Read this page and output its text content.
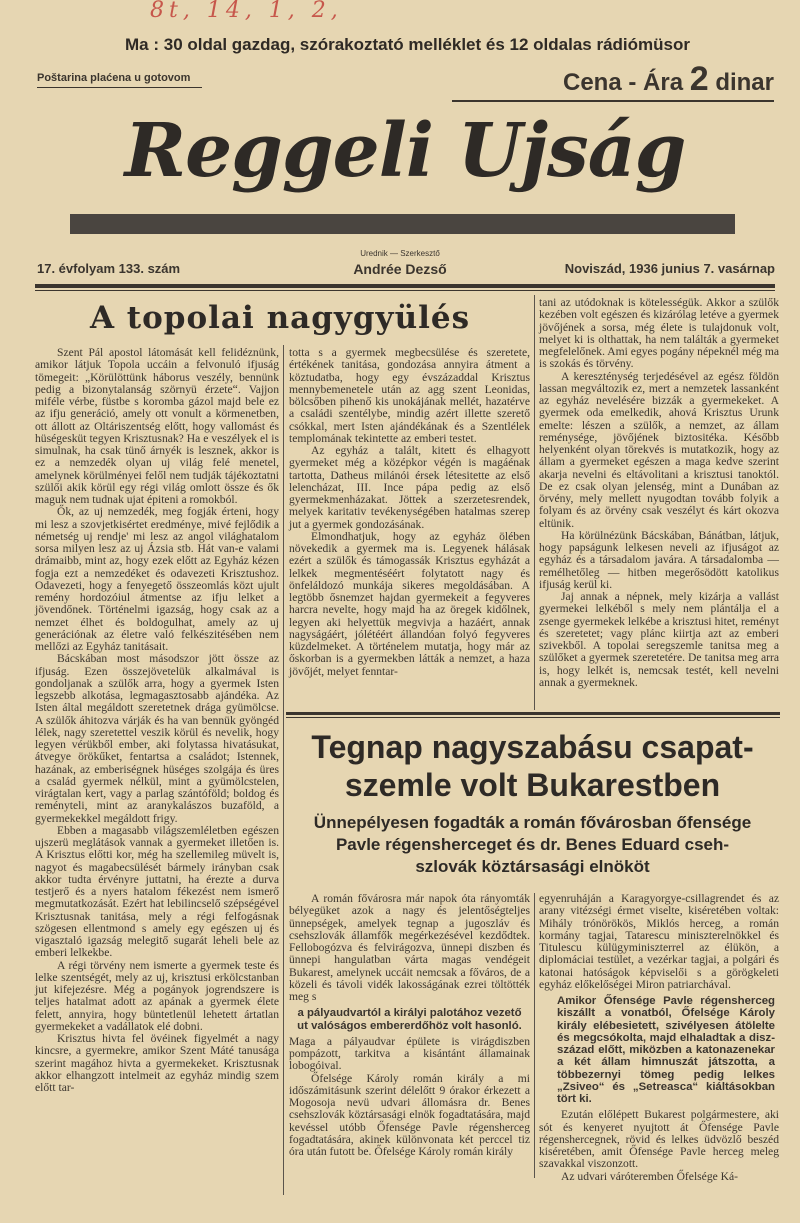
8t, 14, 1, 2,
Ma : 30 oldal gazdag, szórakoztató melléklet és 12 oldalas rádiómüsor
Poštarina plaćena u gotovom	Cena - Ára 2 dinar
Reggeli Ujság
17. évfolyam 133. szám
Urednik — Szerkesztő
Andrée Dezső	Noviszád, 1936 junius 7. vasárnap
A topolai nagygyülés

Szent Pál apostol látomását kell felidéznünk, amikor látjuk Topola uccáin a felvonuló ifjuság tömegeit: „Körülöttünk háborus veszély, bennünk pedig a bizonytalanság szörnyü érzete“. Vajjon miféle vérbe, füstbe s koromba gázol majd bele ez az ifju generáció, amely ott vonult a körmenetben, ott állott az Oltáriszentség előtt, hogy vallomást és hüségesküt tegyen Krisztusnak? Ha e veszélyek el is simulnak, ha csak tünő árnyék is lesznek, akkor is ez a nemzedék olyan uj világ felé menetel, amelynek körülményei felől nem tudják tájékoztatni szülői akik körül egy régi világ omlott össze és ők maguk nem tudnak ujat épiteni a romokból.

Ők, az uj nemzedék, meg fogják érteni, hogy mi lesz a szovjetkisértet eredménye, mivé fejlődik a németség uj rendje' mi lesz az angol világhatalom sorsa milyen lesz az uj Ázsia stb. Hát van-e valami drámaibb, mint az, hogy ezek előtt az Egyház kézen fogja ezt a nemzedéket és odavezeti Krisztushoz. Odavezeti, hogy a fenyegető összeomlás közt ujult remény hordozóiul átmentse az ifju lelket a jövendőnek. Történelmi igazság, hogy csak az a nemzet élhet és boldogulhat, amely az uj generációnak az életre való felkészitésében nem mellőzi az Egyház tanitásait.

Bácskában most másodszor jött össze az ifjuság. Ezen összejövetelük alkalmával is gondoljanak a szülők arra, hogy a gyermek Isten legszebb alkotása, legmagasztosabb ajándéka. Az Isten által megáldott szeretetnek drága gyümölcse. A szülők áhitozva várják és ha van bennük gyöngéd lélek, nagy szeretettel veszik körül és nevelik, hogy legyen vérükből ember, aki folytassa hivatásukat, átvegye örökűket, fentartsa a családot; Istennek, hazának, az emberiségnek hüséges szolgája és üres a család gyermek nélkül, mint a gyümölcstelen, virágtalan kert, vagy a parlag szántóföld; boldog és reményteli, mint az aranykalászos buzaföld, a gyermekekkel megáldott frigy.

Ebben a magasabb világszemléletben egészen ujszerü meglátások vannak a gyermeket illetően is. A Krisztus előtti kor, még ha szellemileg müvelt is, nagyot és magabecsülését bármely irányban csak akkor tudta érvényre juttatni, ha érezte a durva testjerő és a nyers hatalom fékezést nem ismerő megmutatkozását. Ezért hat lebilincselő szépségével Krisztusnak tanitása, mely a régi felfogásnak szögesen ellentmond s amely egy egészen uj és vigasztaló igazság melegitő sugarát leheli bele az emberi lelkekbe.

A régi törvény nem ismerte a gyermek teste és lelke szentségét, mely az uj, krisztusi erkölcstanban jut kifejezésre. Még a pogányok jogrendszere is teljes hatalmat adott az apának a gyermek élete felett, annyira, hogy büntetlenül lehetett ártatlan gyermekeket a vadállatok elé dobni.

Krisztus hivta fel övéinek figyelmét a nagy kincsre, a gyermekre, amikor Szent Máté tanusága szerint magához hivta a gyermekeket. Krisztusnak akkor elhangzott intelmeit az egyház mindig szem előtt tar-

totta s a gyermek megbecsülése és szeretete, értékének tanitása, gondozása annyira átment a köztudatba, hogy egy évszázaddal Krisztus mennybemenetele után az agg szent Leonidas, bölcsőben pihenő kis unokájának mellét, hazatérve a családi szentélybe, mindig azért illette szerető csókkal, mert Isten ajándékának és a Szentlélek templomának tekintette az emberi testet.

Az egyház a talált, kitett és elhagyott gyermeket még a középkor végén is magáénak tartotta, Datheus milánói érsek létesitette az első lelencházat, III. Ince pápa pedig az első gyermekmenházakat. Jöttek a szerzetesrendek, melyek karitativ tevékenységében hatalmas szerep jut a gyermek gondozásának.

Elmondhatjuk, hogy az egyház ölében növekedik a gyermek ma is. Legyenek hálásak ezért a szülők és támogassák Krisztus egyházát a lelkek megmentéséért folytatott nagy és önfeláldozó munkája sikeres megoldásában. A legtöbb ősnemzet hajdan gyermekeit a fegyveres harcra nevelte, hogy majd ha az öregek kidőlnek, legyen aki helyettük megvivja a hazáért, annak nagyságáért, jólétéért állandóan folyó fegyveres küzdelmeket. A történelem mutatja, hogy már az őskorban is a gyermekben látták a nemzet, a haza jövőjét, melyet fenntar-

tani az utódoknak is kötelességük. Akkor a szülők kezében volt egészen és kizárólag letéve a gyermek jövőjének a sorsa, még élete is tulajdonuk volt, melyet ki is olthattak, ha nem találták a gyermeket megfelelőnek. Ami egyes pogány népeknél még ma is szokás és törvény.

A kereszténység terjedésével az egész földön lassan megváltozik ez, mert a nemzetek lassanként az egyház nevelésére bizzák a gyermekeket. A gyermek oda emelkedik, ahová Krisztus Urunk emelte: lészen a szülők, a nemzet, az állam reménysége, jövőjének biztositéka. Később helyenként olyan törekvés is mutatkozik, hogy az állam a gyermeket egészen a maga kedve szerint akarja nevelni és eltávolitani a krisztusi tanoktól. De ez csak olyan jelenség, mint a Dunában az örvény, mely mellett nyugodtan tovább folyik a folyam és az örvény csak veszélyt és kárt okozva eltünik.

Ha körülnézünk Bácskában, Bánátban, látjuk, hogy papságunk lelkesen neveli az ifjuságot az egyház és a társadalom javára. A társadalomba — remélhetőleg — hitben megerősödött katolikus ifjuság kerül ki.

Jaj annak a népnek, mely kizárja a vallást gyermekei lelkéből s mely nem plántálja el a zsenge gyermekek lelkébe a krisztusi hitet, reményt és szeretetet; vagy plánc kiirtja azt az emberi szivekből. A topolai seregszemle tanitsa meg a szülőket a gyermek szeretetére. De tanitsa meg arra is, hogy lelkét is, nemcsak testét, kell nevelni annak a gyermeknek.

Tegnap nagyszabásu csapat-
szemle volt Bukarestben
Ünnepélyesen fogadták a román fővárosban őfensége
Pavle régensherceget és dr. Benes Eduard cseh-
szlovák köztársasági elnököt

A román fővárosra már napok óta rányomták bélyegüket azok a nagy és jelentőségteljes ünnepségek, amelyek tegnap a jugoszláv és csehszlovák államfők megérkezésével kezdődtek. Fellobogózva és felvirágozva, ünnepi diszben és ünnepi hangulatban várta magas vendégeit Bukarest, amelynek uccáit nemcsak a főváros, de a közeli és távoli vidék lakosságának ezrei töltötték meg s

a pályaudvartól a királyi palotához vezető ut valóságos embererdőhöz volt hasonló.

Maga a pályaudvar épülete is virágdiszben pompázott, tarkitva a kisántánt államainak lobogóival.

Őfelsége Károly román király a mi időszámitásunk szerint délelőtt 9 órakor érkezett a Mogosoja nevü udvari állomásra dr. Benes csehszlovák köztársasági elnök fogadtatására, majd kevéssel utóbb Őfensége Pavle régensherceg fogadtatására, akinek különvonata két perccel tiz óra után futott be. Őfelsége Károly román király

egyenruháján a Karagyorgye-csillagrendet és az arany vitézségi érmet viselte, kiséretében voltak: Mihály trónörökös, Miklós herceg, a román kormány tagjai, Tatarescu miniszterelnökkel és Titulescu külügyminiszterrel az élükön, a diplomáciai testület, a vezérkar tagjai, a polgári és katonai hatóságok képviselői s a görögkeleti egyház előkelőségei Miron patriarchával.

Amikor Őfensége Pavle régensherceg kiszállt a vonatból, Őfelsége Károly király elébesietett, szivélyesen átölelte és megcsókolta, majd elhaladtak a disz-század előtt, miközben a katonazenekar a két állam himnuszát játszotta, a többezernyi tömeg pedig lelkes „Zsiveo“ és „Setreasca“ kiáltásokban tört ki.

Ezután előlépett Bukarest polgármestere, aki sót és kenyeret nyujtott át Őfensége Pavle régenshercegnek, rövid és lelkes üdvözlő beszéd kiséretében, amit Őfensége Pavle herceg meleg szavakkal viszonzott.

Az udvari váróteremben Őfelsége Ká-
